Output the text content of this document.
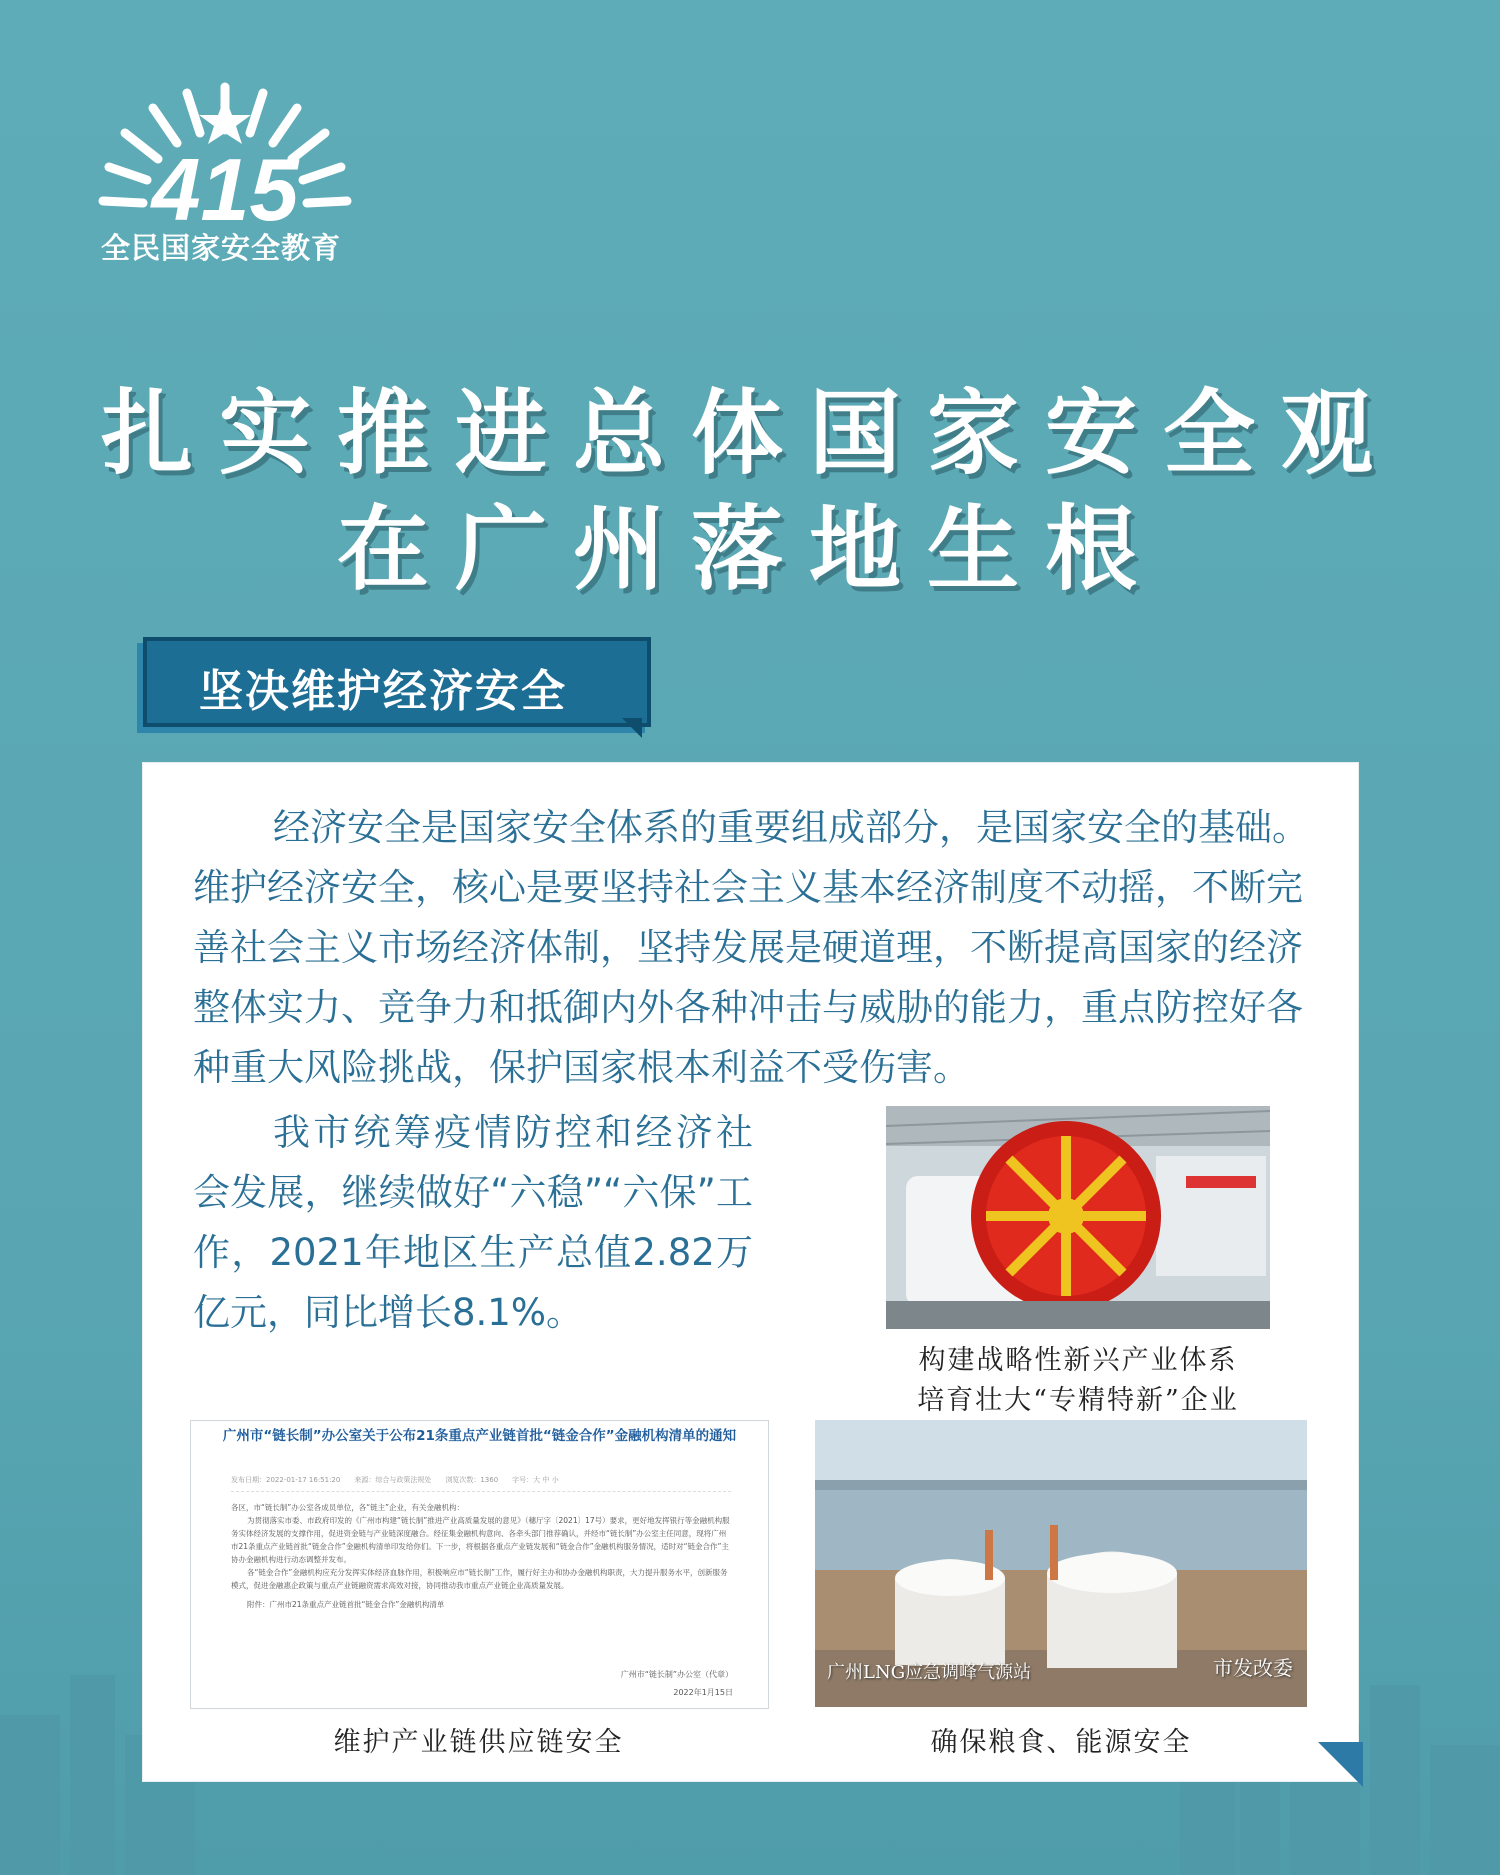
415
全民国家安全教育
扎实推进总体国家安全观
在广州落地生根
坚决维护经济安全

经济安全是国家安全体系的重要组成部分，是国家安全的基础。维护经济安全，核心是要坚持社会主义基本经济制度不动摇，不断完善社会主义市场经济体制，坚持发展是硬道理，不断提高国家的经济整体实力、竞争力和抵御内外各种冲击与威胁的能力，重点防控好各种重大风险挑战，保护国家根本利益不受伤害。

我市统筹疫情防控和经济社会发展，继续做好“六稳”“六保”工作，2021年地区生产总值2.82万亿元，同比增长8.1%。

构建战略性新兴产业体系
培育壮大“专精特新”企业
广州市“链长制”办公室关于公布21条重点产业链首批“链金合作”金融机构清单的通知
发布日期：2022-01-17 16:51:20　　来源：综合与政策法规处　　浏览次数：1360　　字号：大 中 小
各区，市“链长制”办公室各成员单位，各“链主”企业，有关金融机构：
为贯彻落实市委、市政府印发的《广州市构建“链长制”推进产业高质量发展的意见》（穗厅字〔2021〕17号）要求，更好地发挥银行等金融机构服务实体经济发展的支撑作用，促进资金链与产业链深度融合。经征集金融机构意向、各牵头部门推荐确认，并经市“链长制”办公室主任同意，现将广州市21条重点产业链首批“链金合作”金融机构清单印发给你们。下一步，将根据各重点产业链发展和“链金合作”金融机构服务情况，适时对“链金合作”主协办金融机构进行动态调整并发布。
各“链金合作”金融机构应充分发挥实体经济血脉作用，积极响应市“链长制”工作，履行好主办和协办金融机构职责，大力提升服务水平，创新服务模式，促进金融惠企政策与重点产业链融资需求高效对接，协同推动我市重点产业链企业高质量发展。
附件：广州市21条重点产业链首批“链金合作”金融机构清单
广州市“链长制”办公室（代章）
2022年1月15日
维护产业链供应链安全
广州LNG应急调峰气源站	市发改委
确保粮食、能源安全
